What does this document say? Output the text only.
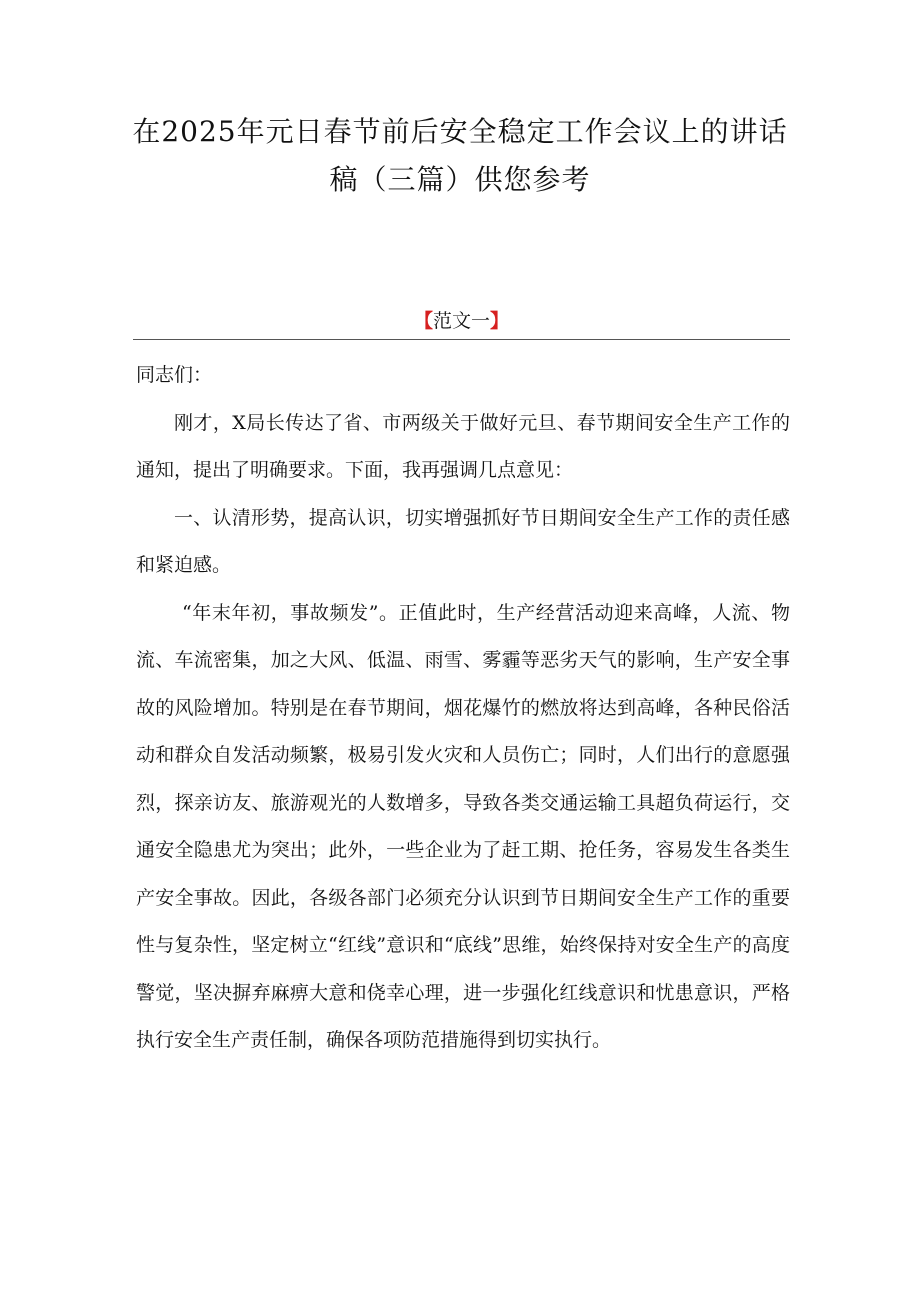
在2025年元日春节前后安全稳定工作会议上的讲话
稿（三篇）供您参考
【范文一】

同志们：

刚才，X局长传达了省、市两级关于做好元旦、春节期间安全生产工作的通知，提出了明确要求。下面，我再强调几点意见：

一、认清形势，提高认识，切实增强抓好节日期间安全生产工作的责任感和紧迫感。

“年末年初，事故频发”。正值此时，生产经营活动迎来高峰，人流、物流、车流密集，加之大风、低温、雨雪、雾霾等恶劣天气的影响，生产安全事故的风险增加。特别是在春节期间，烟花爆竹的燃放将达到高峰，各种民俗活动和群众自发活动频繁，极易引发火灾和人员伤亡；同时，人们出行的意愿强烈，探亲访友、旅游观光的人数增多，导致各类交通运输工具超负荷运行，交通安全隐患尤为突出；此外，一些企业为了赶工期、抢任务，容易发生各类生产安全事故。因此，各级各部门必须充分认识到节日期间安全生产工作的重要性与复杂性，坚定树立“红线”意识和“底线”思维，始终保持对安全生产的高度警觉，坚决摒弃麻痹大意和侥幸心理，进一步强化红线意识和忧患意识，严格执行安全生产责任制，确保各项防范措施得到切实执行。
